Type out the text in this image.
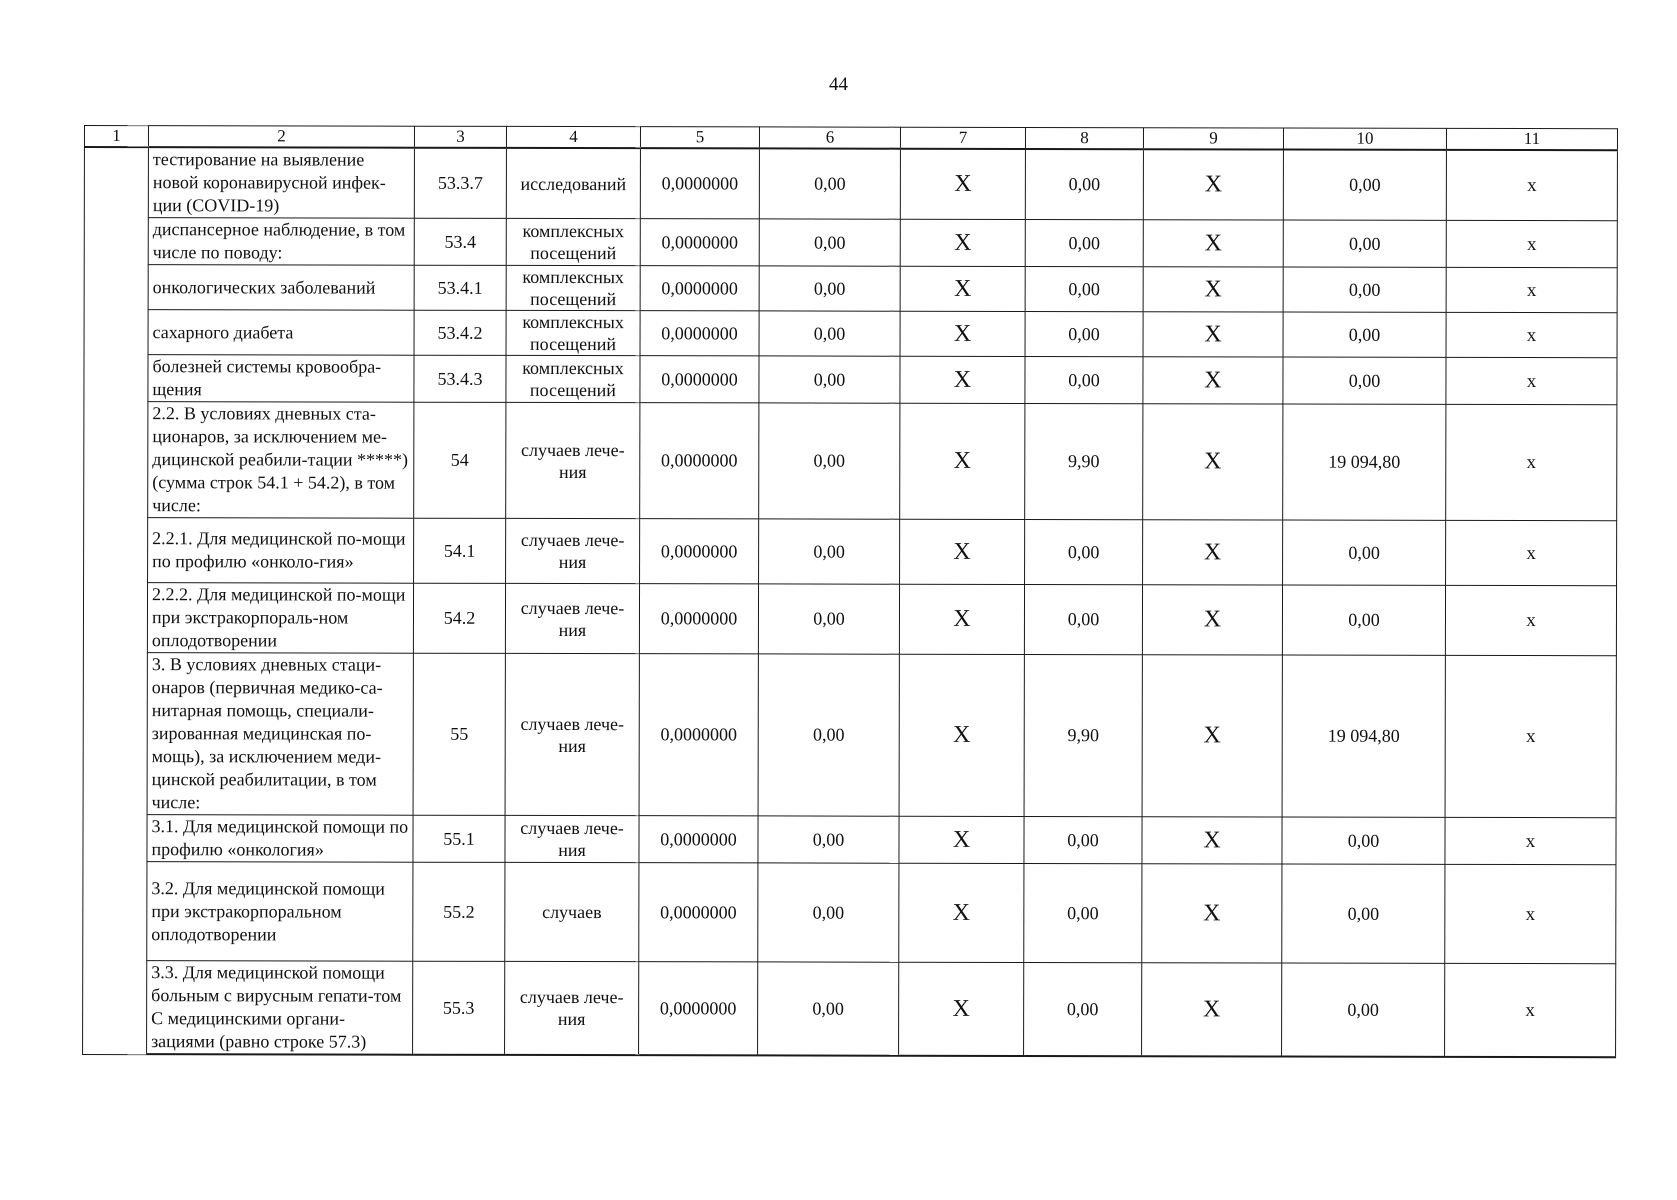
44
1	2	3	4	5	6	7	8	9	10	11
	тестирование на выявление новой коронавирусной инфек-ции (COVID-19)	53.3.7	исследований	0,0000000	0,00	X	0,00	X	0,00	x
	диспансерное наблюдение, в том числе по поводу:	53.4	комплексных посещений	0,0000000	0,00	X	0,00	X	0,00	x
	онкологических заболеваний	53.4.1	комплексных посещений	0,0000000	0,00	X	0,00	X	0,00	x
	сахарного диабета	53.4.2	комплексных посещений	0,0000000	0,00	X	0,00	X	0,00	x
	болезней системы кровообра-щения	53.4.3	комплексных посещений	0,0000000	0,00	X	0,00	X	0,00	x
	2.2. В условиях дневных ста-ционаров, за исключением ме-дицинской реабили-тации *****) (сумма строк 54.1 + 54.2), в том числе:	54	случаев лече-ния	0,0000000	0,00	X	9,90	X	19 094,80	x
	2.2.1. Для медицинской по-мощи по профилю «онколо-гия»	54.1	случаев лече-ния	0,0000000	0,00	X	0,00	X	0,00	x
	2.2.2. Для медицинской по-мощи при экстракорпораль-ном оплодотворении	54.2	случаев лече-ния	0,0000000	0,00	X	0,00	X	0,00	x
	3. В условиях дневных стаци-онаров (первичная медико-са-нитарная помощь, специали-зированная медицинская по-мощь), за исключением меди-цинской реабилитации, в том числе:	55	случаев лече-ния	0,0000000	0,00	X	9,90	X	19 094,80	x
	3.1. Для медицинской помощи по профилю «онкология»	55.1	случаев лече-ния	0,0000000	0,00	X	0,00	X	0,00	x
	3.2. Для медицинской помощи при экстракорпоральном оплодотворении	55.2	случаев	0,0000000	0,00	X	0,00	X	0,00	x
	3.3. Для медицинской помощи больным с вирусным гепати-том С медицинскими органи-зациями (равно строке 57.3)	55.3	случаев лече-ния	0,0000000	0,00	X	0,00	X	0,00	x
